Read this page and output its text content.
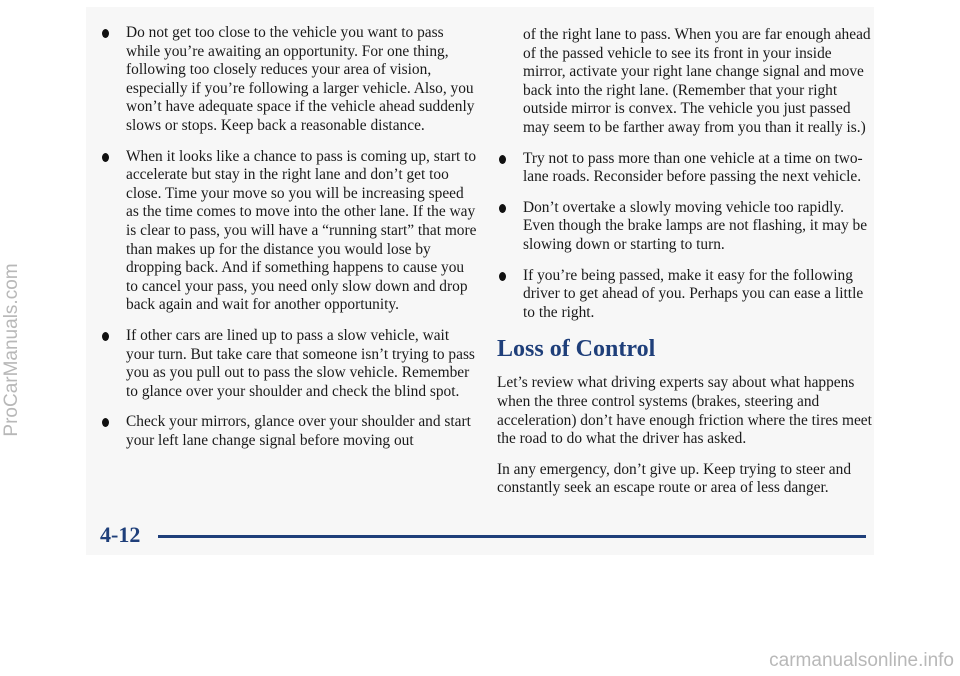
Do not get too close to the vehicle you want to pass while you’re awaiting an opportunity. For one thing, following too closely reduces your area of vision, especially if you’re following a larger vehicle. Also, you won’t have adequate space if the vehicle ahead suddenly slows or stops. Keep back a reasonable distance.
When it looks like a chance to pass is coming up, start to accelerate but stay in the right lane and don’t get too close. Time your move so you will be increasing speed as the time comes to move into the other lane. If the way is clear to pass, you will have a “running start” that more than makes up for the distance you would lose by dropping back. And if something happens to cause you to cancel your pass, you need only slow down and drop back again and wait for another opportunity.
If other cars are lined up to pass a slow vehicle, wait your turn. But take care that someone isn’t trying to pass you as you pull out to pass the slow vehicle. Remember to glance over your shoulder and check the blind spot.
Check your mirrors, glance over your shoulder and start your left lane change signal before moving out
of the right lane to pass. When you are far enough ahead of the passed vehicle to see its front in your inside mirror, activate your right lane change signal and move back into the right lane. (Remember that your right outside mirror is convex. The vehicle you just passed may seem to be farther away from you than it really is.)
Try not to pass more than one vehicle at a time on two-lane roads. Reconsider before passing the next vehicle.
Don’t overtake a slowly moving vehicle too rapidly. Even though the brake lamps are not flashing, it may be slowing down or starting to turn.
If you’re being passed, make it easy for the following driver to get ahead of you. Perhaps you can ease a little to the right.
Loss of Control
Let’s review what driving experts say about what happens when the three control systems (brakes, steering and acceleration) don’t have enough friction where the tires meet the road to do what the driver has asked.
In any emergency, don’t give up. Keep trying to steer and constantly seek an escape route or area of less danger.
4-12
ProCarManuals.com
carmanualsonline.info
